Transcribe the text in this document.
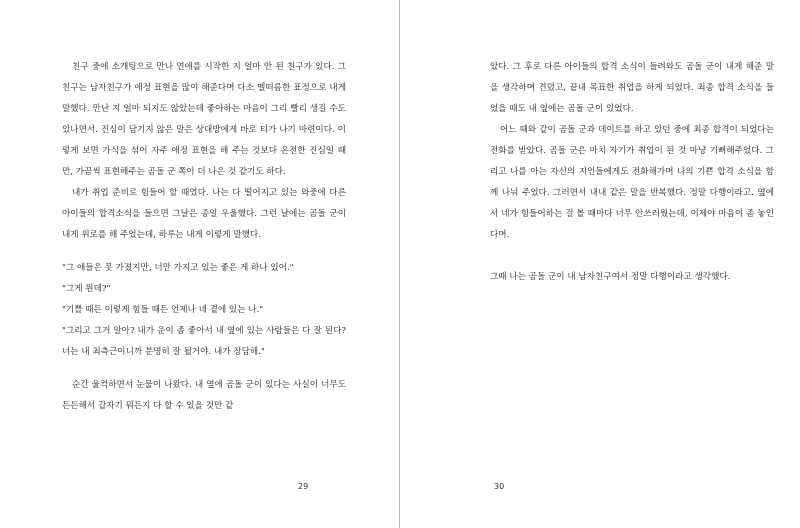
친구 중에 소개팅으로 만나 연애를 시작한 지 얼마 안 된 친구가 있다. 그 친구는 남자친구가 애정 표현을 많이 해준다며 다소 멜떠름한 표정으로 내게 말했다. 만난 지 얼마 되지도 않았는데 좋아하는 마음이 그리 빨리 생길 수도 있나면서. 진심이 담기지 않은 말은 상대방에게 바로 티가 나기 마련이다. 이렇게 보면 가식을 섞어 자주 애정 표현을 해 주는 것보다 온전한 진심일 때만, 가끔씩 표현해주는 곰돌 군 쪽이 더 나은 것 같기도 하다.

내가 취업 준비로 힘들어 할 때였다. 나는 다 떨어지고 있는 와중에 다른 아이들의 합격소식을 들으면 그날은 종일 우울했다. 그런 날에는 곰돌 군이 내게 위로를 해 주었는데, 하루는 내게 이렇게 말했다.

"그 애들은 못 가졌지만, 너만 가지고 있는 좋은 게 하나 있어."

"그게 뭔데?"

"기쁠 때든 이렇게 힘들 때든 언제나 네 곁에 있는 나."

"그리고 그거 알아? 내가 운이 좀 좋아서 내 옆에 있는 사람들은 다 잘 된다? 너는 내 최측근이니까 분명히 잘 될거야. 내가 장담해."

순간 울컥하면서 눈물이 나왔다. 내 옆에 곰돌 군이 있다는 사실이 너무도 든든해서 갑자기 뭐든지 다 할 수 있을 것만 같

29

았다. 그 후로 다른 아이들의 합격 소식이 들려와도 곰돌 군이 내게 해준 말을 생각하며 견뎠고, 끝내 목표한 취업을 하게 되었다. 최종 합격 소식을 들었을 때도 내 옆에는 곰돌 군이 있었다.

어느 때와 같이 곰돌 군과 데이트를 하고 있던 중에 최종 합격이 되었다는 전화를 받았다. 곰돌 군은 마치 자기가 취업이 된 것 마냥 기뻐해주었다. 그리고 나를 아는 자신의 지인들에게도 전화해가며 나의 기쁜 합격 소식을 함께 나눠 주었다. 그러면서 내내 같은 말을 반복했다. 정말 다행이라고. 옆에서 네가 힘들어하는 걸 볼 때마다 너무 안쓰러웠는데, 이제야 마음이 좀 놓인다며.

그때 나는 곰돌 군이 내 남자친구여서 정말 다행이라고 생각했다.

30
